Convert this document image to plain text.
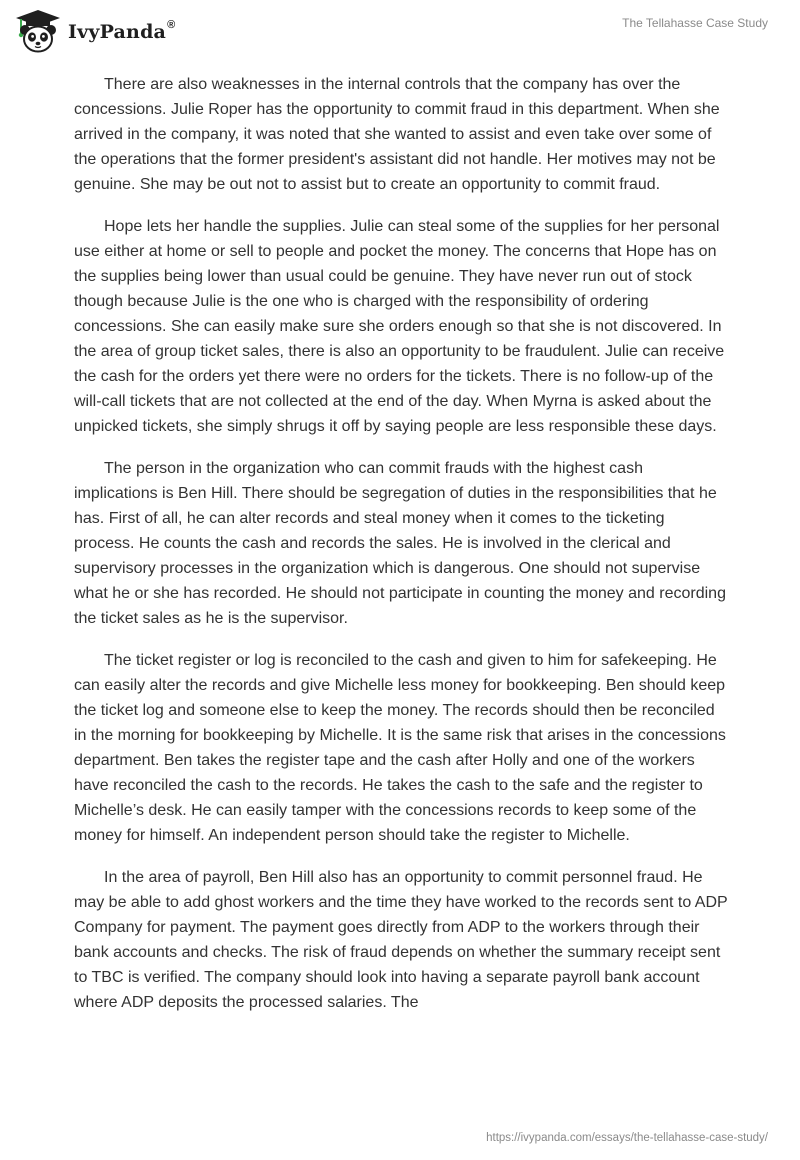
IvyPanda®	The Tellahasse Case Study

There are also weaknesses in the internal controls that the company has over the concessions. Julie Roper has the opportunity to commit fraud in this department. When she arrived in the company, it was noted that she wanted to assist and even take over some of the operations that the former president's assistant did not handle. Her motives may not be genuine. She may be out not to assist but to create an opportunity to commit fraud.

Hope lets her handle the supplies. Julie can steal some of the supplies for her personal use either at home or sell to people and pocket the money. The concerns that Hope has on the supplies being lower than usual could be genuine. They have never run out of stock though because Julie is the one who is charged with the responsibility of ordering concessions. She can easily make sure she orders enough so that she is not discovered. In the area of group ticket sales, there is also an opportunity to be fraudulent. Julie can receive the cash for the orders yet there were no orders for the tickets. There is no follow-up of the will-call tickets that are not collected at the end of the day. When Myrna is asked about the unpicked tickets, she simply shrugs it off by saying people are less responsible these days.

The person in the organization who can commit frauds with the highest cash implications is Ben Hill. There should be segregation of duties in the responsibilities that he has. First of all, he can alter records and steal money when it comes to the ticketing process. He counts the cash and records the sales. He is involved in the clerical and supervisory processes in the organization which is dangerous. One should not supervise what he or she has recorded. He should not participate in counting the money and recording the ticket sales as he is the supervisor.

The ticket register or log is reconciled to the cash and given to him for safekeeping. He can easily alter the records and give Michelle less money for bookkeeping. Ben should keep the ticket log and someone else to keep the money. The records should then be reconciled in the morning for bookkeeping by Michelle. It is the same risk that arises in the concessions department. Ben takes the register tape and the cash after Holly and one of the workers have reconciled the cash to the records. He takes the cash to the safe and the register to Michelle’s desk. He can easily tamper with the concessions records to keep some of the money for himself. An independent person should take the register to Michelle.

In the area of payroll, Ben Hill also has an opportunity to commit personnel fraud. He may be able to add ghost workers and the time they have worked to the records sent to ADP Company for payment. The payment goes directly from ADP to the workers through their bank accounts and checks. The risk of fraud depends on whether the summary receipt sent to TBC is verified. The company should look into having a separate payroll bank account where ADP deposits the processed salaries. The

https://ivypanda.com/essays/the-tellahasse-case-study/
